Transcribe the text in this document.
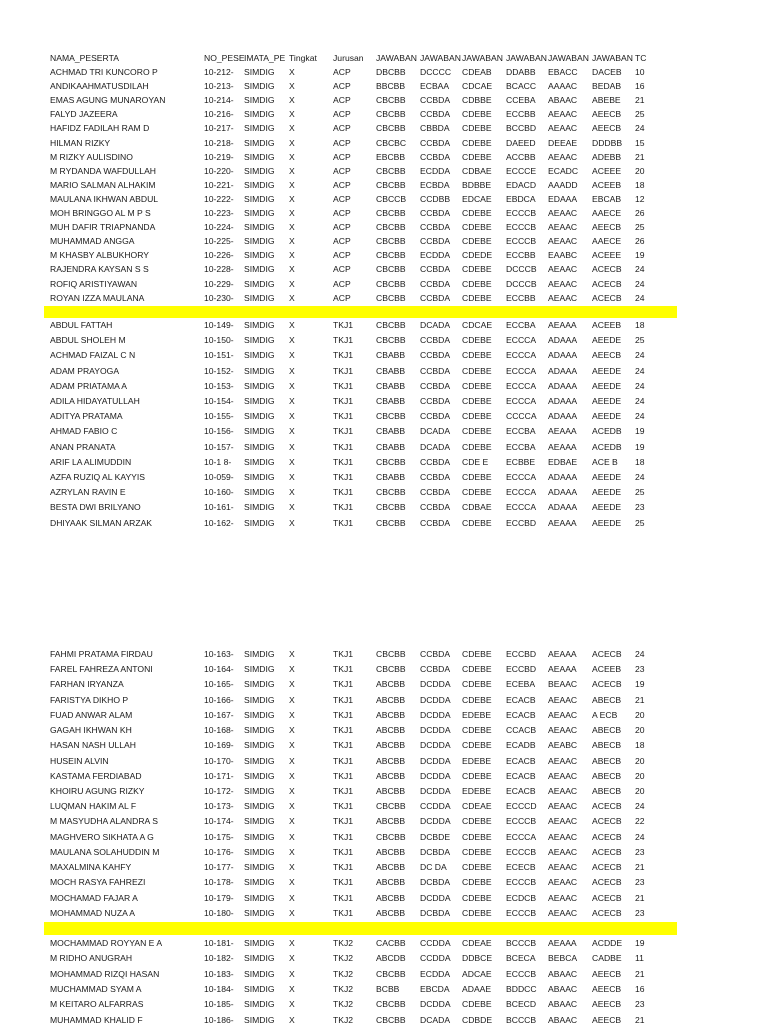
NAMA_PESERTA	NO_PESE IMATA_PE Tingkat Jurusan JAWABAN JAWABAN JAWABAN JAWABAN JAWABAN JAWABAN TC
ACHMAD TRI KUNCORO P	10-212- SIMDIG X	ACP	DBCBB DCCCC CDEAB DDABB EBACC DACEB 10
ANDIKAAHMATUSDILAH	10-213- SIMDIG X	ACP	BBCBB ECBAA CDCAE BCACC AAAAC BEDAB 16
EMAS AGUNG MUNAROYAN	10-214- SIMDIG X	ACP	CBCBB CCBDA CDBBE CCEBA ABAAC ABEBE 21
FALYD JAZEERA	10-216- SIMDIG X	ACP	CBCBB CCBDA CDEBE ECCBB AEAAC AEECB 25
HAFIDZ FADILAH RAM D	10-217- SIMDIG X	ACP	CBCBB CBBDA CDEBE BCCBD AEAAC AEECB 24
HILMAN RIZKY	10-218- SIMDIG X	ACP	CBCBC CCBDA CDEBE DAEED DEEAE DDDBB 15
M RIZKY AULISDINO	10-219- SIMDIG X	ACP	EBCBB CCBDA CDEBE ACCBB AEAAC ADEBB 21
M RYDANDA WAFDULLAH	10-220- SIMDIG X	ACP	CBCBB ECDDA CDBAE ECCCE ECADC ACEEE 20
MARIO SALMAN ALHAKIM	10-221- SIMDIG X	ACP	CBCBB ECBDA BDBBE EDACD AAADD ACEEB 18
MAULANA IKHWAN ABDUL	10-222- SIMDIG X	ACP	CBCCB CCDBB EDCAE EBDCA EDAAA EBCAB 12
MOH BRINGGO AL M P S	10-223- SIMDIG X	ACP	CBCBB CCBDA CDEBE ECCCB AEAAC AAECE 26
MUH DAFIR TRIAPNANDA	10-224- SIMDIG X	ACP	CBCBB CCBDA CDEBE ECCCB AEAAC AEECB 25
MUHAMMAD ANGGA	10-225- SIMDIG X	ACP	CBCBB CCBDA CDEBE ECCCB AEAAC AAECE 26
M KHASBY ALBUKHORY	10-226- SIMDIG X	ACP	CBCBB ECDDA CDEDE ECCBB EAABC ACEEE 19
RAJENDRA KAYSAN S S	10-228- SIMDIG X	ACP	CBCBB CCBDA CDEBE DCCCB AEAAC ACECB 24
ROFIQ ARISTIYAWAN	10-229- SIMDIG X	ACP	CBCBB CCBDA CDEBE DCCCB AEAAC ACECB 24
ROYAN IZZA MAULANA	10-230- SIMDIG X	ACP	CBCBB CCBDA CDEBE ECCBB AEAAC ACECB 24
ABDUL FATTAH	10-149- SIMDIG X	TKJ1	CBCBB DCADA CDCAE ECCBA AEAAA ACEEB 18
ABDUL SHOLEH M	10-150- SIMDIG X	TKJ1	CBCBB CCBDA CDEBE ECCCA ADAAA AEEDE 25
ACHMAD FAIZAL C N	10-151- SIMDIG X	TKJ1	CBABB CCBDA CDEBE ECCCA ADAAA AEECB 24
ADAM PRAYOGA	10-152- SIMDIG X	TKJ1	CBABB CCBDA CDEBE ECCCA ADAAA AEEDE 24
ADAM PRIATAMA A	10-153- SIMDIG X	TKJ1	CBABB CCBDA CDEBE ECCCA ADAAA AEEDE 24
ADILA HIDAYATULLAH	10-154- SIMDIG X	TKJ1	CBABB CCBDA CDEBE ECCCA ADAAA AEEDE 24
ADITYA PRATAMA	10-155- SIMDIG X	TKJ1	CBCBB CCBDA CDEBE CCCCA ADAAA AEEDE 24
AHMAD FABIO C	10-156- SIMDIG X	TKJ1	CBABB DCADA CDEBE ECCBA AEAAA ACEDB 19
ANAN PRANATA	10-157- SIMDIG X	TKJ1	CBABB DCADA CDEBE ECCBA AEAAA ACEDB 19
ARIF LA ALIMUDDIN	10-1 8- SIMDIG X	TKJ1	CBCBB CCBDA CDE E ECBBE EDBAE ACE B 18
AZFA RUZIQ AL KAYYIS	10-059- SIMDIG X	TKJ1	CBABB CCBDA CDEBE ECCCA ADAAA AEEDE 24
AZRYLAN RAVIN E	10-160- SIMDIG X	TKJ1	CBCBB CCBDA CDEBE ECCCA ADAAA AEEDE 25
BESTA DWI BRILYANO	10-161- SIMDIG X	TKJ1	CBCBB CCBDA CDBAE ECCCA ADAAA AEEDE 23
DHIYAAK SILMAN ARZAK	10-162- SIMDIG X	TKJ1	CBCBB CCBDA CDEBE ECCBD AEAAA AEEDE 25
FAHMI PRATAMA FIRDAU	10-163- SIMDIG X	TKJ1	CBCBB CCBDA CDEBE ECCBD AEAAA ACECB 24
FAREL FAHREZA ANTONI	10-164- SIMDIG X	TKJ1	CBCBB CCBDA CDEBE ECCBD AEAAA ACEEB 23
FARHAN IRYANZA	10-165- SIMDIG X	TKJ1	ABCBB DCDDA CDEBE ECEBA BEAAC ACECB 19
FARISTYA DIKHO P	10-166- SIMDIG X	TKJ1	ABCBB DCDDA CDEBE ECACB AEAAC ABECB 21
FUAD ANWAR ALAM	10-167- SIMDIG X	TKJ1	ABCBB DCDDA EDEBE ECACB AEAAC A ECB 20
GAGAH IKHWAN KH	10-168- SIMDIG X	TKJ1	ABCBB DCDDA CDEBE CCACB AEAAC ABECB 20
HASAN NASH ULLAH	10-169- SIMDIG X	TKJ1	ABCBB DCDDA CDEBE ECADB AEABC ABECB 18
HUSEIN ALVIN	10-170- SIMDIG X	TKJ1	ABCBB DCDDA EDEBE ECACB AEAAC ABECB 20
KASTAMA FERDIABAD	10-171- SIMDIG X	TKJ1	ABCBB DCDDA CDEBE ECACB AEAAC ABECB 20
KHOIRU AGUNG RIZKY	10-172- SIMDIG X	TKJ1	ABCBB DCDDA EDEBE ECACB AEAAC ABECB 20
LUQMAN HAKIM AL F	10-173- SIMDIG X	TKJ1	CBCBB CCDDA CDEAE ECCCD AEAAC ACECB 24
M MASYUDHA ALANDRA S	10-174- SIMDIG X	TKJ1	ABCBB DCDDA CDEBE ECCCB AEAAC ACECB 22
MAGHVERO SIKHATA A G	10-175- SIMDIG X	TKJ1	CBCBB DCBDE CDEBE ECCCA AEAAC ACECB 24
MAULANA SOLAHUDDIN M	10-176- SIMDIG X	TKJ1	ABCBB DCBDA CDEBE ECCCB AEAAC ACECB 23
MAXALMINA KAHFY	10-177- SIMDIG X	TKJ1	ABCBB DC DA CDEBE ECECB AEAAC ACECB 21
MOCH RASYA FAHREZI	10-178- SIMDIG X	TKJ1	ABCBB DCBDA CDEBE ECCCB AEAAC ACECB 23
MOCHAMAD FAJAR A	10-179- SIMDIG X	TKJ1	ABCBB DCDDA CDEBE ECDCB AEAAC ACECB 21
MOHAMMAD NUZA A	10-180- SIMDIG X	TKJ1	ABCBB DCBDA CDEBE ECCCB AEAAC ACECB 23
MOCHAMMAD ROYYAN E A	10-181- SIMDIG X	TKJ2	CACBB CCDDA CDEAE BCCCB AEAAA ACDDE 19
M RIDHO ANUGRAH	10-182- SIMDIG X	TKJ2	ABCDB CCDDA DDBCE BCECA BEBCA CADBE 11
MOHAMMAD RIZQI HASAN	10-183- SIMDIG X	TKJ2	CBCBB ECDDA ADCAE ECCCB ABAAC AEECB 21
MUCHAMMAD SYAM A	10-184- SIMDIG X	TKJ2	BCBB EBCDA ADAAE BDDCC ABAAC AEECB 16
M KEITARO ALFARRAS	10-185- SIMDIG X	TKJ2	CBCBB DCDDA CDEBE BCECD ABAAC AEECB 23
MUHAMMAD KHALID F	10-186- SIMDIG X	TKJ2	CBCBB DCADA CDBDE BCCCB ABAAC AEECB 21
